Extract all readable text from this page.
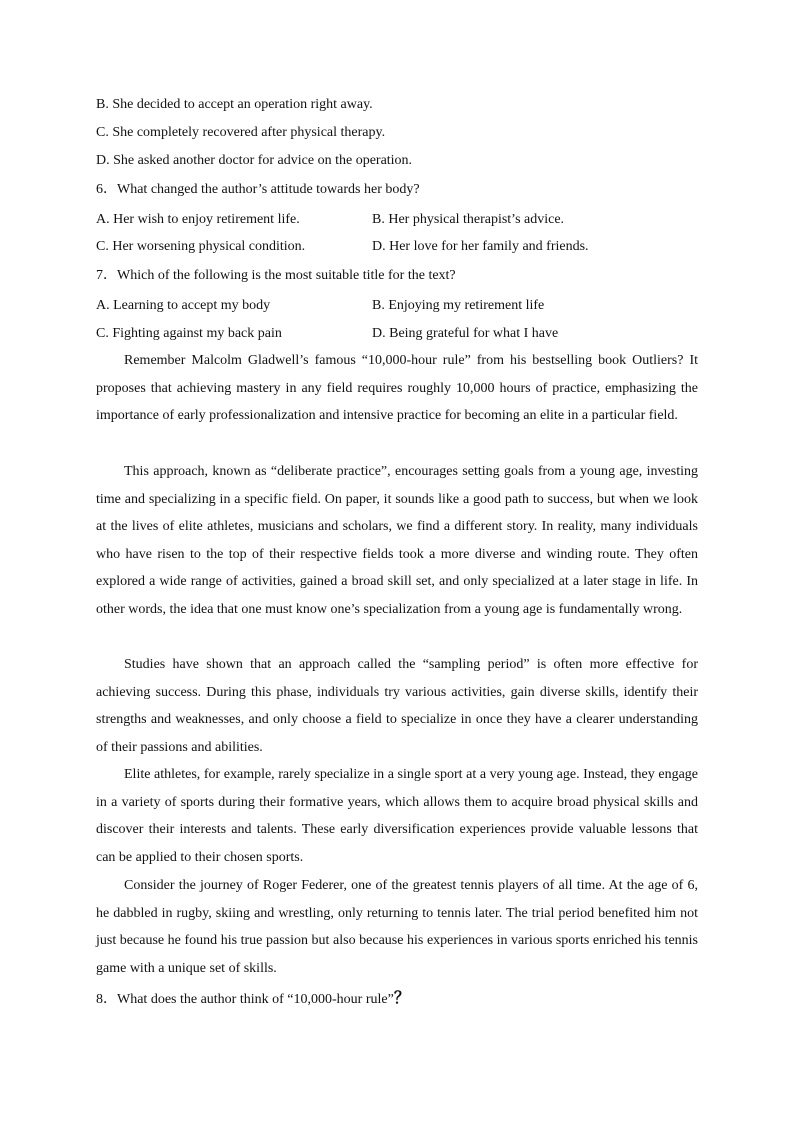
B. She decided to accept an operation right away.
C. She completely recovered after physical therapy.
D. She asked another doctor for advice on the operation.
6．What changed the author’s attitude towards her body?
A. Her wish to enjoy retirement life.	B. Her physical therapist’s advice.
C. Her worsening physical condition.	D. Her love for her family and friends.
7．Which of the following is the most suitable title for the text?
A. Learning to accept my body	B. Enjoying my retirement life
C. Fighting against my back pain	D. Being grateful for what I have

Remember Malcolm Gladwell’s famous “10,000-hour rule” from his bestselling book Outliers? It proposes that achieving mastery in any field requires roughly 10,000 hours of practice, emphasizing the importance of early professionalization and intensive practice for becoming an elite in a particular field.

This approach, known as “deliberate practice”, encourages setting goals from a young age, investing time and specializing in a specific field. On paper, it sounds like a good path to success, but when we look at the lives of elite athletes, musicians and scholars, we find a different story. In reality, many individuals who have risen to the top of their respective fields took a more diverse and winding route. They often explored a wide range of activities, gained a broad skill set, and only specialized at a later stage in life. In other words, the idea that one must know one’s specialization from a young age is fundamentally wrong.

Studies have shown that an approach called the “sampling period” is often more effective for achieving success. During this phase, individuals try various activities, gain diverse skills, identify their strengths and weaknesses, and only choose a field to specialize in once they have a clearer understanding of their passions and abilities.

Elite athletes, for example, rarely specialize in a single sport at a very young age. Instead, they engage in a variety of sports during their formative years, which allows them to acquire broad physical skills and discover their interests and talents. These early diversification experiences provide valuable lessons that can be applied to their chosen sports.

Consider the journey of Roger Federer, one of the greatest tennis players of all time. At the age of 6, he dabbled in rugby, skiing and wrestling, only returning to tennis later. The trial period benefited him not just because he found his true passion but also because his experiences in various sports enriched his tennis game with a unique set of skills.

8．What does the author think of “10,000-hour rule”？
